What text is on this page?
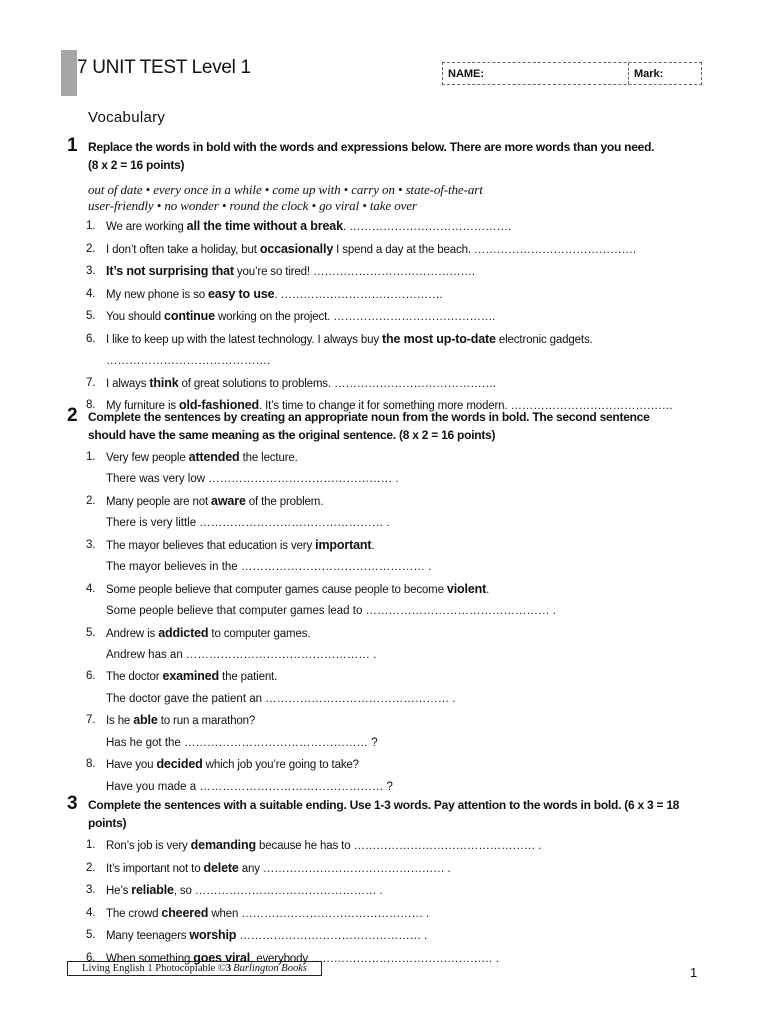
7 UNIT TEST Level 1	NAME:	Mark:
Vocabulary
1 Replace the words in bold with the words and expressions below. There are more words than you need.
(8 x 2 = 16 points)
out of date • every once in a while • come up with • carry on • state-of-the-art
user-friendly • no wonder • round the clock • go viral • take over
1. We are working all the time without a break. …………………………………….
2. I don’t often take a holiday, but occasionally I spend a day at the beach. …………………………………….
3. It’s not surprising that you’re so tired! …………………………………….
4. My new phone is so easy to use. …………………………………….
5. You should continue working on the project. …………………………………….
6. I like to keep up with the latest technology. I always buy the most up-to-date electronic gadgets.
…………………………………….
7. I always think of great solutions to problems. …………………………………….
8. My furniture is old-fashioned. It’s time to change it for something more modern. …………………………………….
2 Complete the sentences by creating an appropriate noun from the words in bold. The second sentence
should have the same meaning as the original sentence. (8 x 2 = 16 points)
1. Very few people attended the lecture.
There was very low ………………………………………… .
2. Many people are not aware of the problem.
There is very little ………………………………………… .
3. The mayor believes that education is very important.
The mayor believes in the ………………………………………… .
4. Some people believe that computer games cause people to become violent.
Some people believe that computer games lead to ………………………………………… .
5. Andrew is addicted to computer games.
Andrew has an ………………………………………… .
6. The doctor examined the patient.
The doctor gave the patient an ………………………………………… .
7. Is he able to run a marathon?
Has he got the ………………………………………… ?
8. Have you decided which job you’re going to take?
Have you made a ………………………………………… ?
3 Complete the sentences with a suitable ending. Use 1-3 words. Pay attention to the words in bold. (6 x 3 = 18 points)
1. Ron’s job is very demanding because he has to ………………………………………… .
2. It’s important not to delete any ………………………………………… .
3. He’s reliable, so ………………………………………… .
4. The crowd cheered when ………………………………………… .
5. Many teenagers worship ………………………………………… .
6. When something goes viral, everybody ………………………………………… .
Living English 1 Photocopiable © 3 Burlington Books	1
